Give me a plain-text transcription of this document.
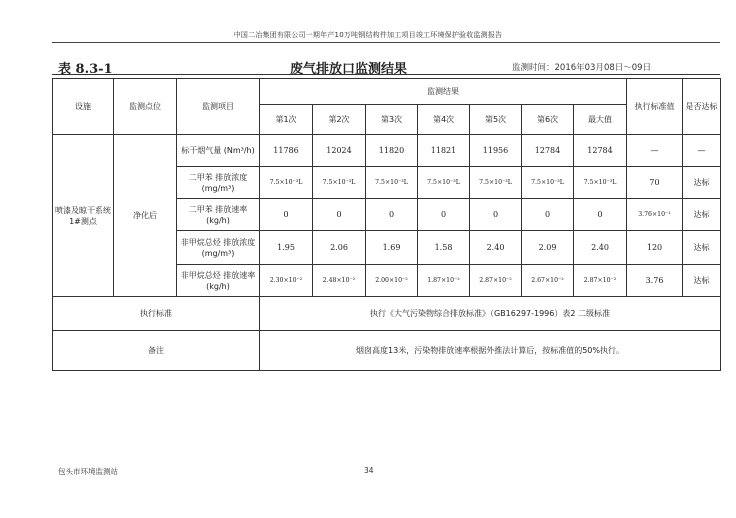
中国二冶集团有限公司一期年产10万吨钢结构件加工项目竣工环境保护验收监测报告
表 8.3-1	废气排放口监测结果	监测时间：2016年03月08日～09日
设施	监测点位	监测项目	监测结果							执行标准值	是否达标
			第1次	第2次	第3次	第4次	第5次	第6次	最大值		
喷漆及晾干系统 1#测点	净化后	标干烟气量 (Nm³/h)	11786	12024	11820	11821	11956	12784	12784	—	—
		二甲苯 排放浓度(mg/m³)	7.5×10⁻³L	7.5×10⁻³L	7.5×10⁻³L	7.5×10⁻³L	7.5×10⁻³L	7.5×10⁻³L	7.5×10⁻³L	70	达标
		二甲苯 排放速率(kg/h)	0	0	0	0	0	0	0	3.76×10⁻¹	达标
		非甲烷总烃 排放浓度(mg/m³)	1.95	2.06	1.69	1.58	2.40	2.09	2.40	120	达标
		非甲烷总烃 排放速率(kg/h)	2.30×10⁻²	2.48×10⁻²	2.00×10⁻²	1.87×10⁻²	2.87×10⁻²	2.67×10⁻²	2.87×10⁻²	3.76	达标
执行标准			执行《大气污染物综合排放标准》（GB16297-1996）表2 二级标准								
备注			烟囱高度13米，污染物排放速率根据外推法计算后，按标准值的50%执行。								
包头市环境监测站	34
